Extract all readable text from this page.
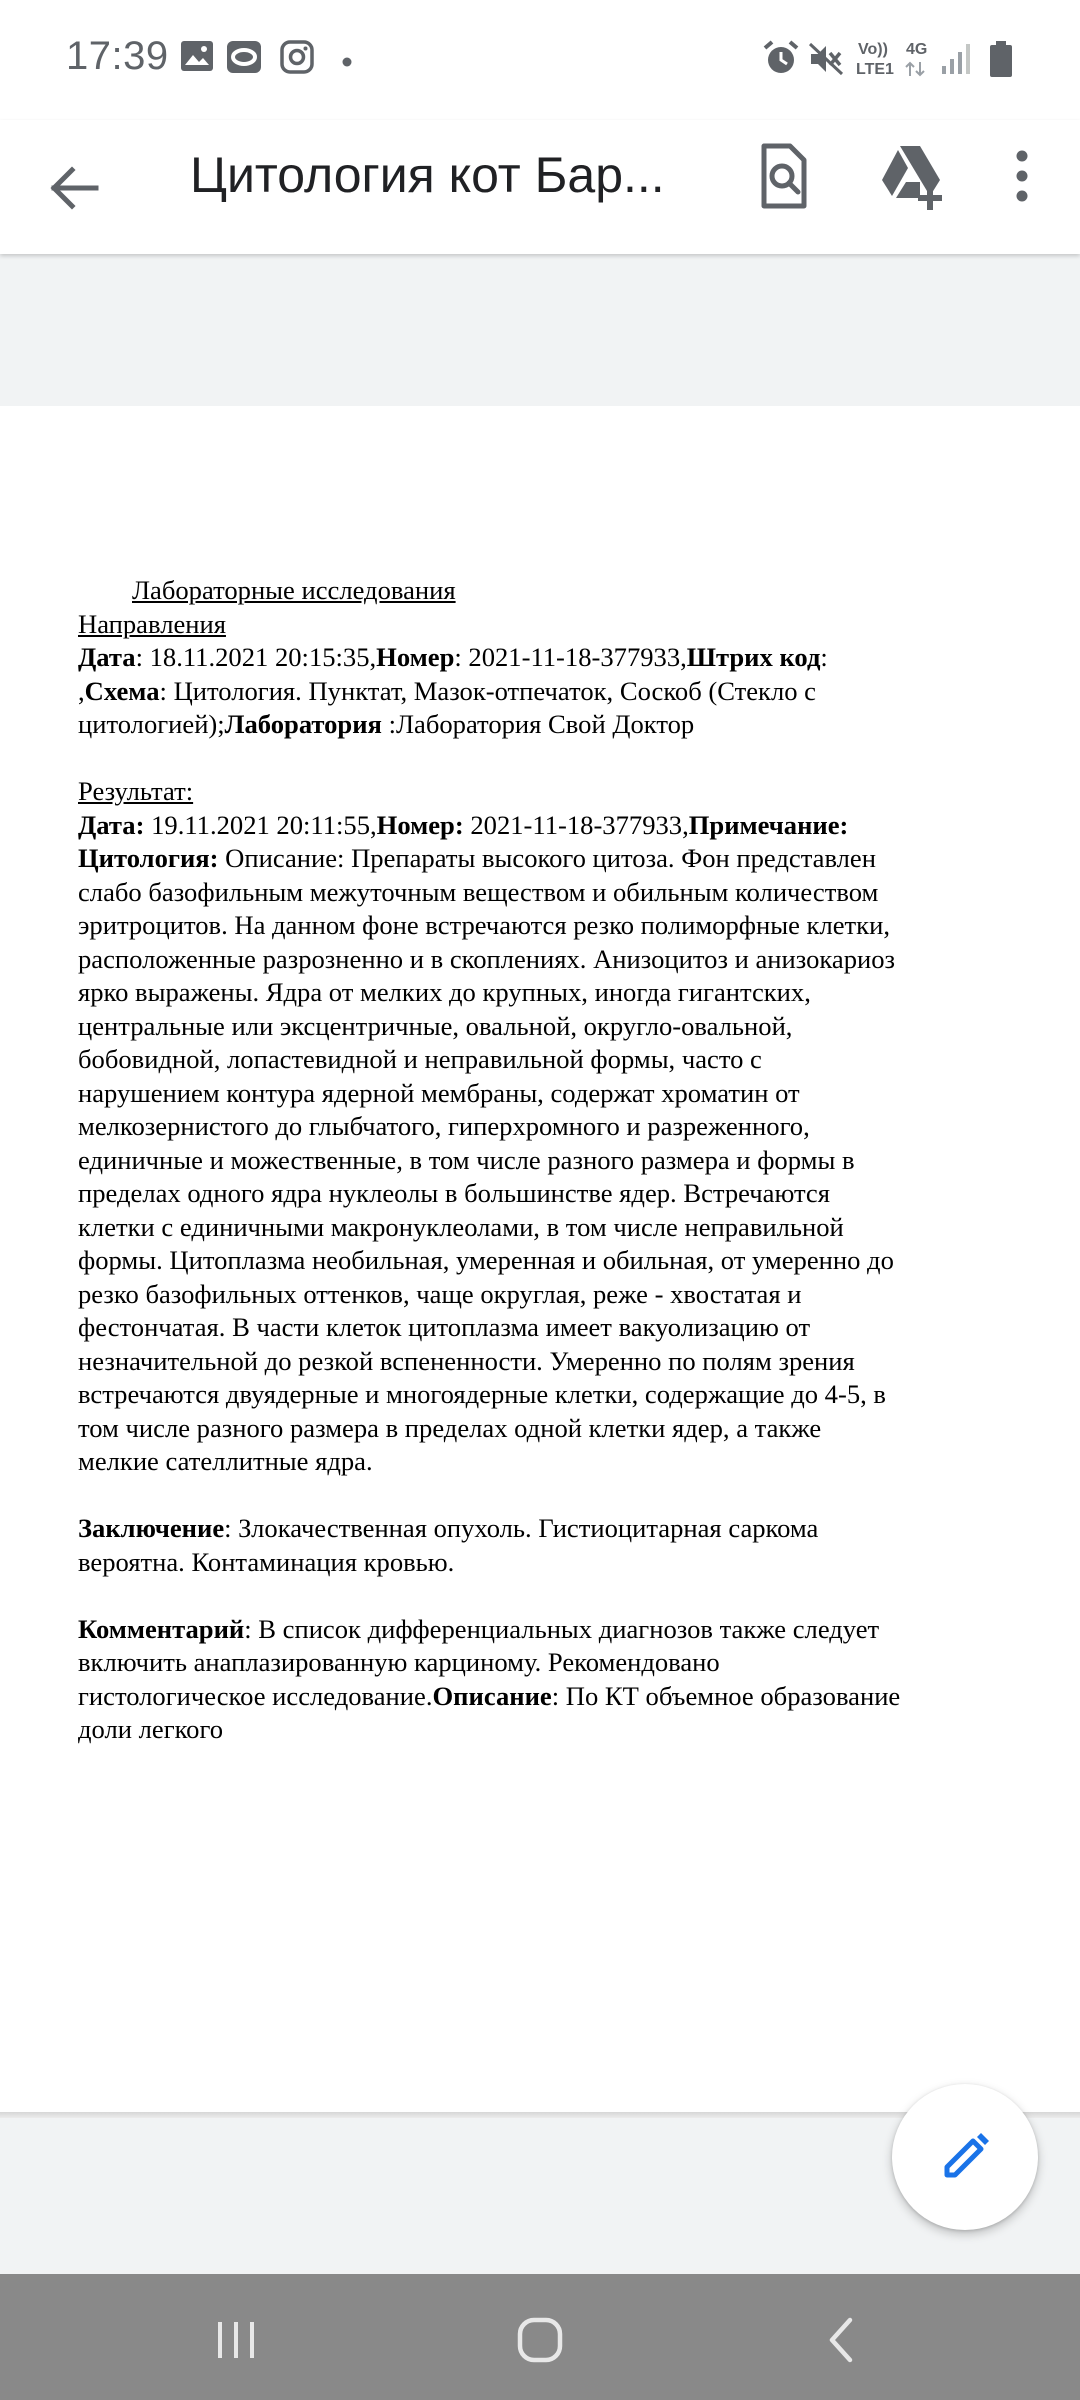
17:39	Vo))
LTE1
4G
Цитология кот Бар...

Лабораторные исследования

Направления

Дата: 18.11.2021 20:15:35,Номер: 2021-11-18-377933,Штрих код:

,Схема: Цитология. Пунктат, Мазок-отпечаток, Соскоб (Стекло с

цитологией);Лаборатория :Лаборатория Свой Доктор

Результат:

Дата: 19.11.2021 20:11:55,Номер: 2021-11-18-377933,Примечание:

Цитология: Описание: Препараты высокого цитоза. Фон представлен

слабо базофильным межуточным веществом и обильным количеством

эритроцитов. На данном фоне встречаются резко полиморфные клетки,

расположенные разрозненно и в скоплениях. Анизоцитоз и анизокариоз

ярко выражены. Ядра от мелких до крупных, иногда гигантских,

центральные или эксцентричные, овальной, округло-овальной,

бобовидной, лопастевидной и неправильной формы, часто с

нарушением контура ядерной мембраны, содержат хроматин от

мелкозернистого до глыбчатого, гиперхромного и разреженного,

единичные и можественные, в том числе разного размера и формы в

пределах одного ядра нуклеолы в большинстве ядер. Встречаются

клетки с единичными макронуклеолами, в том числе неправильной

формы. Цитоплазма необильная, умеренная и обильная, от умеренно до

резко базофильных оттенков, чаще округлая, реже - хвостатая и

фестончатая. В части клеток цитоплазма имеет вакуолизацию от

незначительной до резкой вспененности. Умеренно по полям зрения

встречаются двуядерные и многоядерные клетки, содержащие до 4-5, в

том числе разного размера в пределах одной клетки ядер, а также

мелкие сателлитные ядра.

Заключение: Злокачественная опухоль. Гистиоцитарная саркома

вероятна. Контаминация кровью.

Комментарий: В список дифференциальных диагнозов также следует

включить анаплазированную карциному. Рекомендовано

гистологическое исследование.Описание: По КТ объемное образование

доли легкого
